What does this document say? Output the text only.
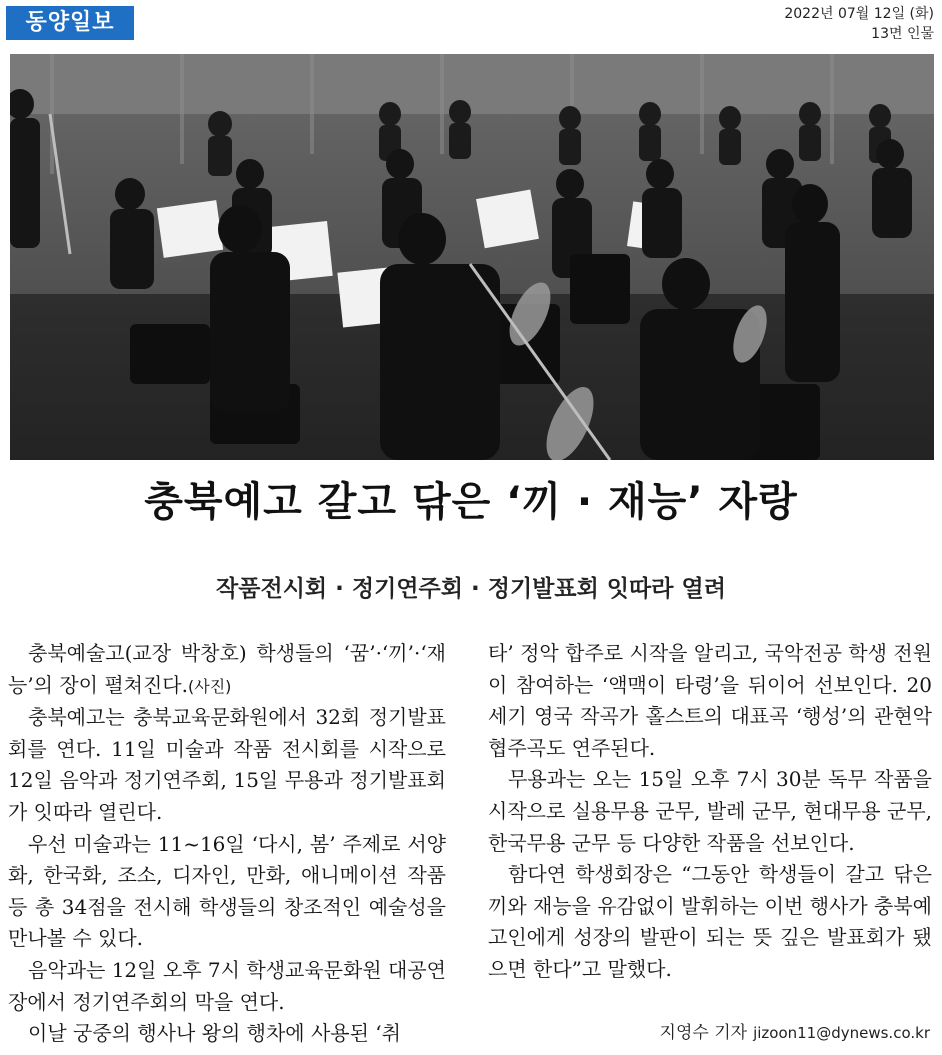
동양일보	2022년 07월 12일 (화)
13면 인물
충북예고 갈고 닦은 ‘끼 · 재능’ 자랑
작품전시회 · 정기연주회 · 정기발표회 잇따라 열려

충북예술고(교장 박창호) 학생들의 ‘꿈’·‘끼’·‘재능’의 장이 펼쳐진다.(사진)

충북예고는 충북교육문화원에서 32회 정기발표회를 연다. 11일 미술과 작품 전시회를 시작으로 12일 음악과 정기연주회, 15일 무용과 정기발표회가 잇따라 열린다.

우선 미술과는 11~16일 ‘다시, 봄’ 주제로 서양화, 한국화, 조소, 디자인, 만화, 애니메이션 작품 등 총 34점을 전시해 학생들의 창조적인 예술성을 만나볼 수 있다.

음악과는 12일 오후 7시 학생교육문화원 대공연장에서 정기연주회의 막을 연다.

이날 궁중의 행사나 왕의 행차에 사용된 ‘취

타’ 정악 합주로 시작을 알리고, 국악전공 학생 전원이 참여하는 ‘액맥이 타령’을 뒤이어 선보인다. 20세기 영국 작곡가 홀스트의 대표곡 ‘행성’의 관현악 협주곡도 연주된다.

무용과는 오는 15일 오후 7시 30분 독무 작품을 시작으로 실용무용 군무, 발레 군무, 현대무용 군무, 한국무용 군무 등 다양한 작품을 선보인다.

함다연 학생회장은 “그동안 학생들이 갈고 닦은 끼와 재능을 유감없이 발휘하는 이번 행사가 충북예고인에게 성장의 발판이 되는 뜻 깊은 발표회가 됐으면 한다”고 말했다.

지영수 기자 jizoon11@dynews.co.kr
